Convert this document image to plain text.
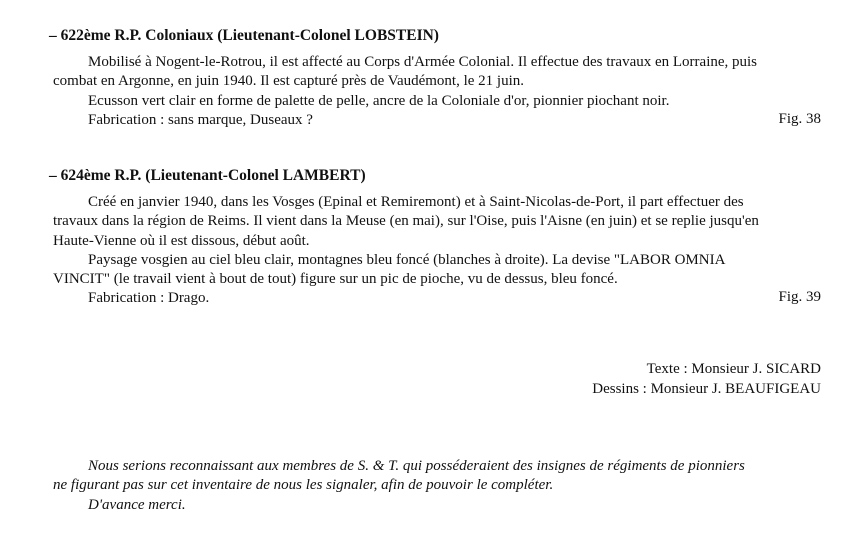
– 622ème R.P. Coloniaux (Lieutenant-Colonel LOBSTEIN)
Mobilisé à Nogent-le-Rotrou, il est affecté au Corps d'Armée Colonial. Il effectue des travaux en Lorraine, puis
combat en Argonne, en juin 1940. Il est capturé près de Vaudémont, le 21 juin.
Ecusson vert clair en forme de palette de pelle, ancre de la Coloniale d'or, pionnier piochant noir.
Fabrication : sans marque, Duseaux ?	Fig. 38
– 624ème R.P. (Lieutenant-Colonel LAMBERT)
Créé en janvier 1940, dans les Vosges (Epinal et Remiremont) et à Saint-Nicolas-de-Port, il part effectuer des
travaux dans la région de Reims. Il vient dans la Meuse (en mai), sur l'Oise, puis l'Aisne (en juin) et se replie jusqu'en
Haute-Vienne où il est dissous, début août.
Paysage vosgien au ciel bleu clair, montagnes bleu foncé (blanches à droite). La devise "LABOR OMNIA
VINCIT" (le travail vient à bout de tout) figure sur un pic de pioche, vu de dessus, bleu foncé.
Fabrication : Drago.	Fig. 39
Texte : Monsieur J. SICARD
Dessins : Monsieur J. BEAUFIGEAU
Nous serions reconnaissant aux membres de S. & T. qui posséderaient des insignes de régiments de pionniers
ne figurant pas sur cet inventaire de nous les signaler, afin de pouvoir le compléter.
D'avance merci.
